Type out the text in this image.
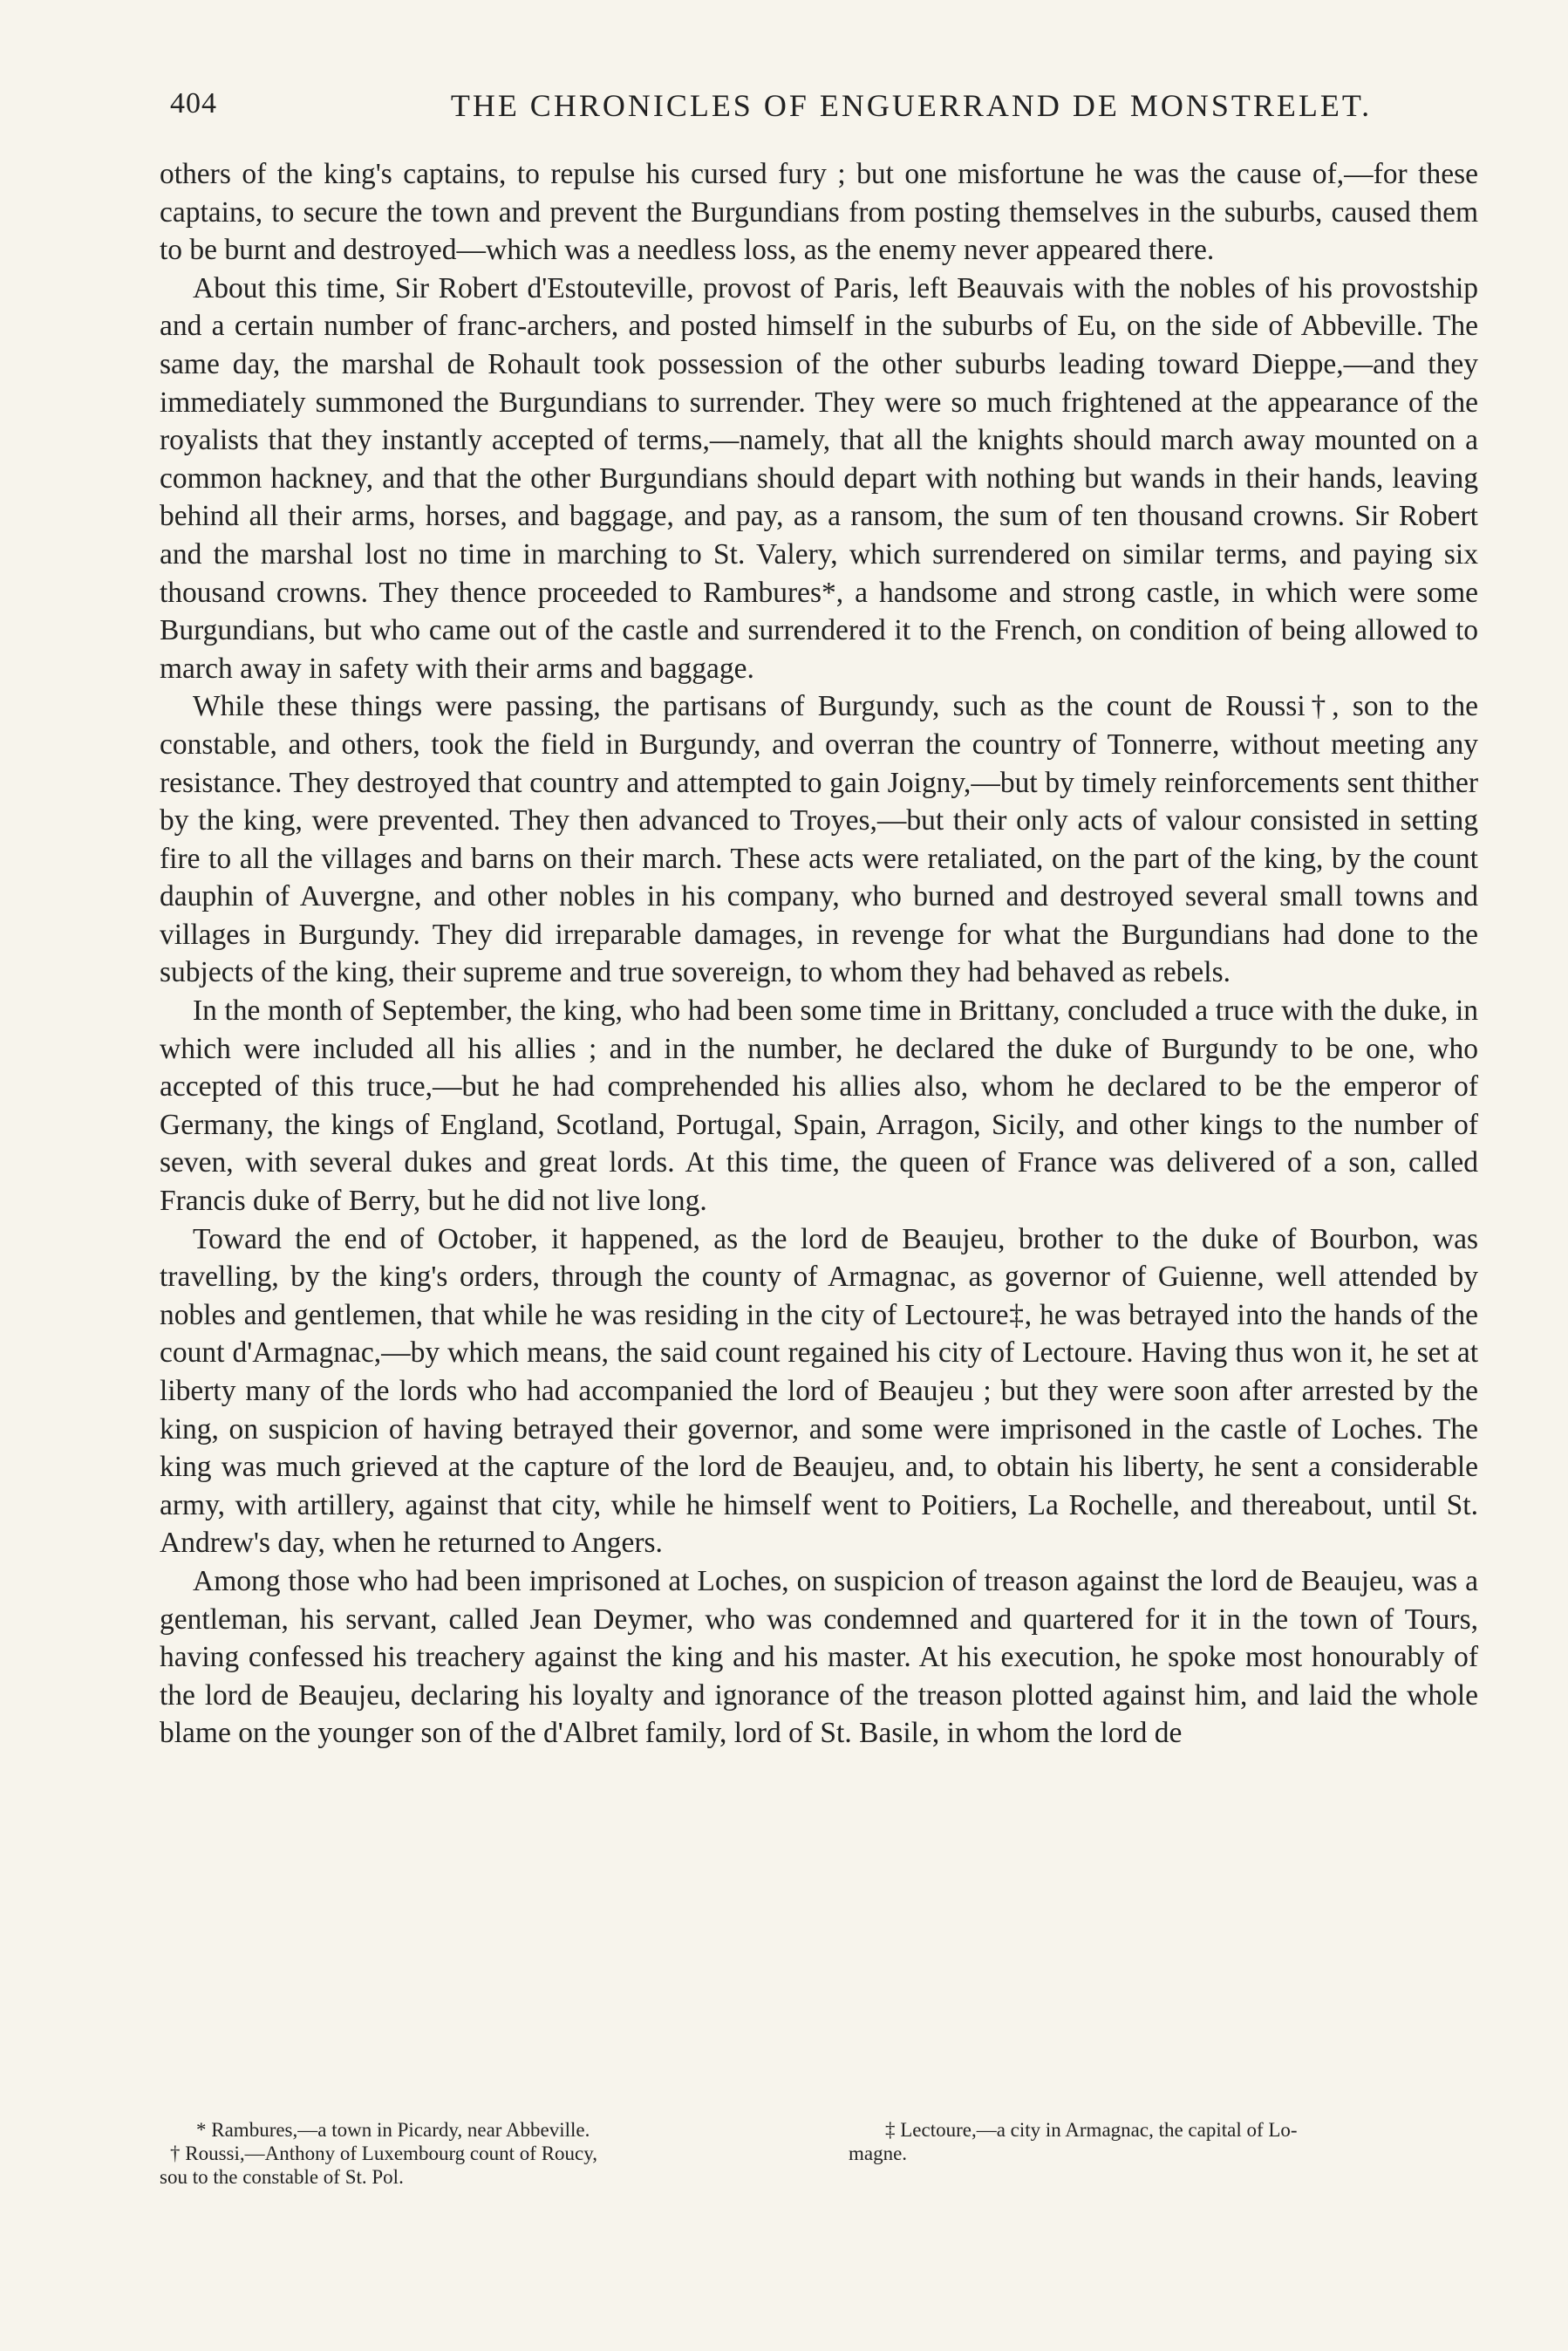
404	THE CHRONICLES OF ENGUERRAND DE MONSTRELET.

others of the king's captains, to repulse his cursed fury ; but one misfortune he was the cause of,—for these captains, to secure the town and prevent the Burgundians from posting themselves in the suburbs, caused them to be burnt and destroyed—which was a needless loss, as the enemy never appeared there.

About this time, Sir Robert d'Estouteville, provost of Paris, left Beauvais with the nobles of his provostship and a certain number of franc-archers, and posted himself in the suburbs of Eu, on the side of Abbeville. The same day, the marshal de Rohault took possession of the other suburbs leading toward Dieppe,—and they immediately summoned the Burgundians to surrender. They were so much frightened at the appearance of the royalists that they instantly accepted of terms,—namely, that all the knights should march away mounted on a common hackney, and that the other Burgundians should depart with nothing but wands in their hands, leaving behind all their arms, horses, and baggage, and pay, as a ransom, the sum of ten thousand crowns. Sir Robert and the marshal lost no time in marching to St. Valery, which surrendered on similar terms, and paying six thousand crowns. They thence proceeded to Rambures*, a handsome and strong castle, in which were some Burgundians, but who came out of the castle and surrendered it to the French, on condition of being allowed to march away in safety with their arms and baggage.

While these things were passing, the partisans of Burgundy, such as the count de Roussi†, son to the constable, and others, took the field in Burgundy, and overran the country of Tonnerre, without meeting any resistance. They destroyed that country and attempted to gain Joigny,—but by timely reinforcements sent thither by the king, were prevented. They then advanced to Troyes,—but their only acts of valour consisted in setting fire to all the villages and barns on their march. These acts were retaliated, on the part of the king, by the count dauphin of Auvergne, and other nobles in his company, who burned and destroyed several small towns and villages in Burgundy. They did irreparable damages, in revenge for what the Burgundians had done to the subjects of the king, their supreme and true sovereign, to whom they had behaved as rebels.

In the month of September, the king, who had been some time in Brittany, concluded a truce with the duke, in which were included all his allies ; and in the number, he declared the duke of Burgundy to be one, who accepted of this truce,—but he had comprehended his allies also, whom he declared to be the emperor of Germany, the kings of England, Scotland, Portugal, Spain, Arragon, Sicily, and other kings to the number of seven, with several dukes and great lords. At this time, the queen of France was delivered of a son, called Francis duke of Berry, but he did not live long.

Toward the end of October, it happened, as the lord de Beaujeu, brother to the duke of Bourbon, was travelling, by the king's orders, through the county of Armagnac, as governor of Guienne, well attended by nobles and gentlemen, that while he was residing in the city of Lectoure‡, he was betrayed into the hands of the count d'Armagnac,—by which means, the said count regained his city of Lectoure. Having thus won it, he set at liberty many of the lords who had accompanied the lord of Beaujeu ; but they were soon after arrested by the king, on suspicion of having betrayed their governor, and some were imprisoned in the castle of Loches. The king was much grieved at the capture of the lord de Beaujeu, and, to obtain his liberty, he sent a considerable army, with artillery, against that city, while he himself went to Poitiers, La Rochelle, and thereabout, until St. Andrew's day, when he returned to Angers.

Among those who had been imprisoned at Loches, on suspicion of treason against the lord de Beaujeu, was a gentleman, his servant, called Jean Deymer, who was condemned and quartered for it in the town of Tours, having confessed his treachery against the king and his master. At his execution, he spoke most honourably of the lord de Beaujeu, declaring his loyalty and ignorance of the treason plotted against him, and laid the whole blame on the younger son of the d'Albret family, lord of St. Basile, in whom the lord de

* Rambures,—a town in Picardy, near Abbeville.
† Roussi,—Anthony of Luxembourg count of Roucy,
sou to the constable of St. Pol.
‡ Lectoure,—a city in Armagnac, the capital of Lo-
magne.
